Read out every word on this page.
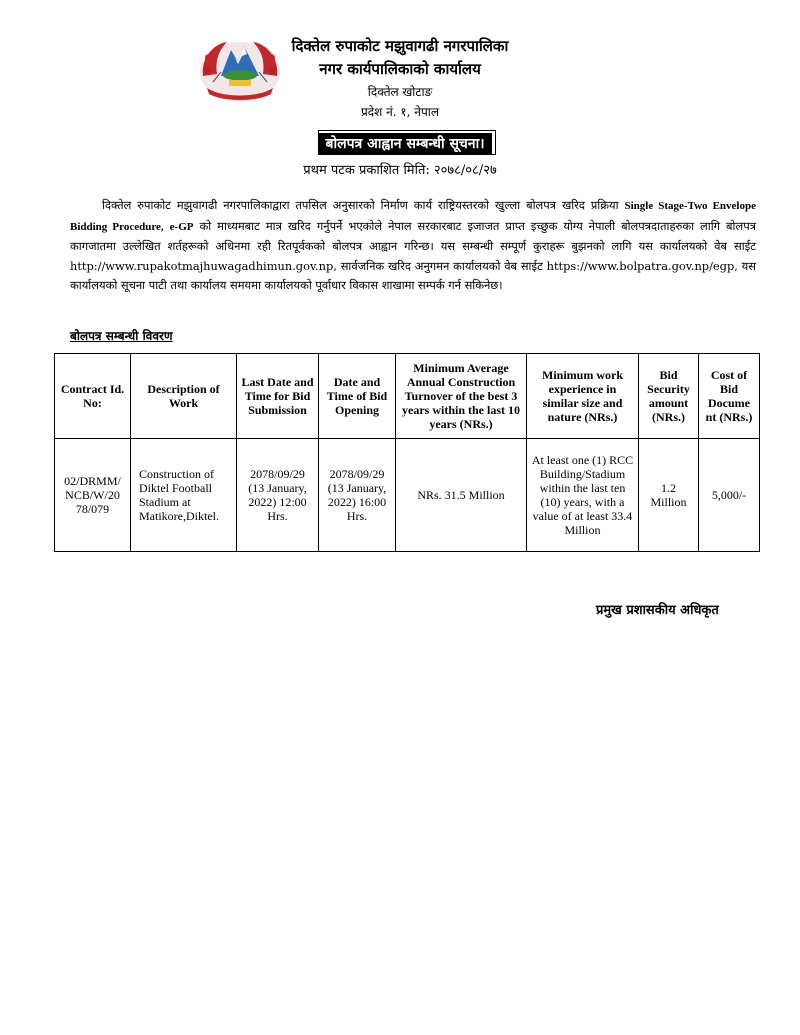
दिक्तेल रुपाकोट मझुवागढी नगरपालिका
नगर कार्यपालिकाको कार्यालय
दिक्तेल खोटाङ
प्रदेश नं. १, नेपाल
बोलपत्र आह्वान सम्बन्धी सूचना।
प्रथम पटक प्रकाशित मिति: २०७८/०८/२७

दिक्तेल रुपाकोट मझुवागढी नगरपालिकाद्वारा तपसिल अनुसारको निर्माण कार्य राष्ट्रियस्तरको खुल्ला बोलपत्र खरिद प्रक्रिया Single Stage-Two Envelope Bidding Procedure, e-GP को माध्यमबाट मात्र खरिद गर्नुपर्ने भएकोले नेपाल सरकारबाट इजाजत प्राप्त इच्छुक योग्य नेपाली बोलपत्रदाताहरुका लागि बोलपत्र कागजातमा उल्लेखित शर्तहरूको अधिनमा रही रितपूर्वकको बोलपत्र आह्वान गरिन्छ। यस सम्बन्धी सम्पूर्ण कुराहरू बुझनको लागि यस कार्यालयको वेब साईट http://www.rupakotmajhuwagadhimun.gov.np, सार्वजनिक खरिद अनुगमन कार्यालयको वेब साईट https://www.bolpatra.gov.np/egp, यस कार्यालयको सूचना पाटी तथा कार्यालय समयमा कार्यालयको पूर्वाधार विकास शाखामा सम्पर्क गर्न सकिनेछ।

बोलपत्र सम्बन्धी विवरण
Contract Id. No:	Description of Work	Last Date and Time for Bid Submission	Date and Time of Bid Opening	Minimum Average Annual Construction Turnover of the best 3 years within the last 10 years (NRs.)	Minimum work experience in similar size and nature (NRs.)	Bid Security amount (NRs.)	Cost of Bid Docume nt (NRs.)
02/DRMM/ NCB/W/20 78/079	Construction of Diktel Football Stadium at Matikore,Diktel.	2078/09/29 (13 January, 2022) 12:00 Hrs.	2078/09/29 (13 January, 2022) 16:00 Hrs.	NRs. 31.5 Million	At least one (1) RCC Building/Stadium within the last ten (10) years, with a value of at least 33.4 Million	1.2 Million	5,000/-
प्रमुख प्रशासकीय अधिकृत
